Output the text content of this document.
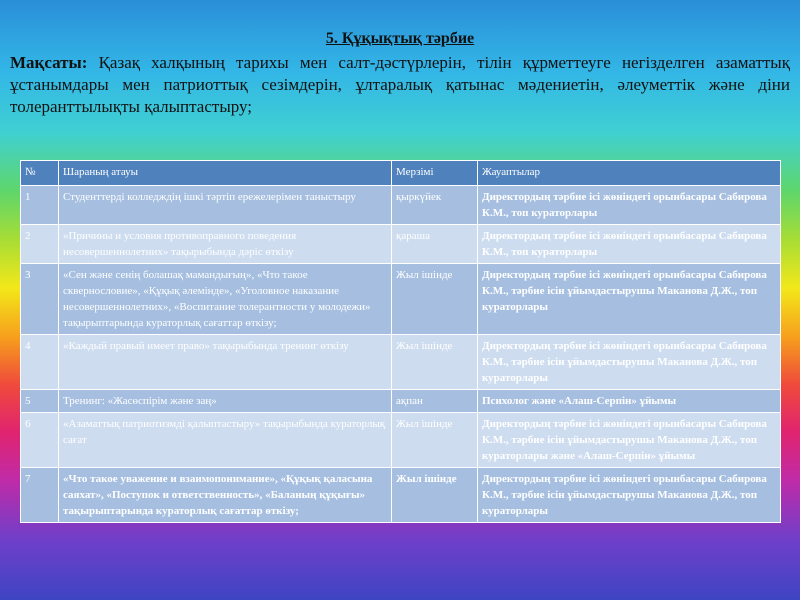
5. Құқықтық тәрбие
Мақсаты: Қазақ халқының тарихы мен салт-дәстүрлерін, тілін құрметтеуге негізделген азаматтық ұстанымдары мен патриоттық сезімдерін, ұлтаралық қатынас мәдениетін, әлеуметтік және діни толеранттылықты қалыптастыру;
№	Шараның атауы	Мерзімі	Жауаптылар
1	Студенттерді колледждің ішкі тәртіп ережелерімен таныстыру	қыркүйек	Директордың тәрбие ісі жөніндегі орынбасары Сабирова К.М., топ кураторлары
2	«Причины и условия противоправного поведения несовершеннолетних» тақырыбында дәріс өткізу	қараша	Директордың тәрбие ісі жөніндегі орынбасары Сабирова К.М., топ кураторлары
3	«Сен және сенің болашақ мамандығың», «Что такое сквернословие», «Құқық әлемінде», «Уголовное наказание несовершеннолетних», «Воспитание толерантности у молодежи» тақырыптарында кураторлық сағаттар өткізу;	Жыл ішінде	Директордың тәрбие ісі жөніндегі орынбасары Сабирова К.М., тәрбие ісін ұйымдастырушы Маканова Д.Ж., топ кураторлары
4	«Каждый правый имеет право» тақырыбында тренинг өткізу	Жыл ішінде	Директордың тәрбие ісі жөніндегі орынбасары Сабирова К.М., тәрбие ісін ұйымдастырушы Маканова Д.Ж., топ кураторлары
5	Тренинг: «Жасөспірім және заң»	ақпан	Психолог және «Алаш-Серпін» ұйымы
6	«Азаматтық патриотизмді қалыптастыру» тақырыбында кураторлық сағат	Жыл ішінде	Директордың тәрбие ісі жөніндегі орынбасары Сабирова К.М., тәрбие ісін ұйымдастырушы Маканова Д.Ж., топ кураторлары және «Алаш-Серпін» ұйымы
7	«Что такое уважение и взаимопонимание», «Құқық қаласына саяхат», «Поступок и ответственность», «Баланың құқығы» тақырыптарында кураторлық сағаттар өткізу;	Жыл ішінде	Директордың тәрбие ісі жөніндегі орынбасары Сабирова К.М., тәрбие ісін ұйымдастырушы Маканова Д.Ж., топ кураторлары
